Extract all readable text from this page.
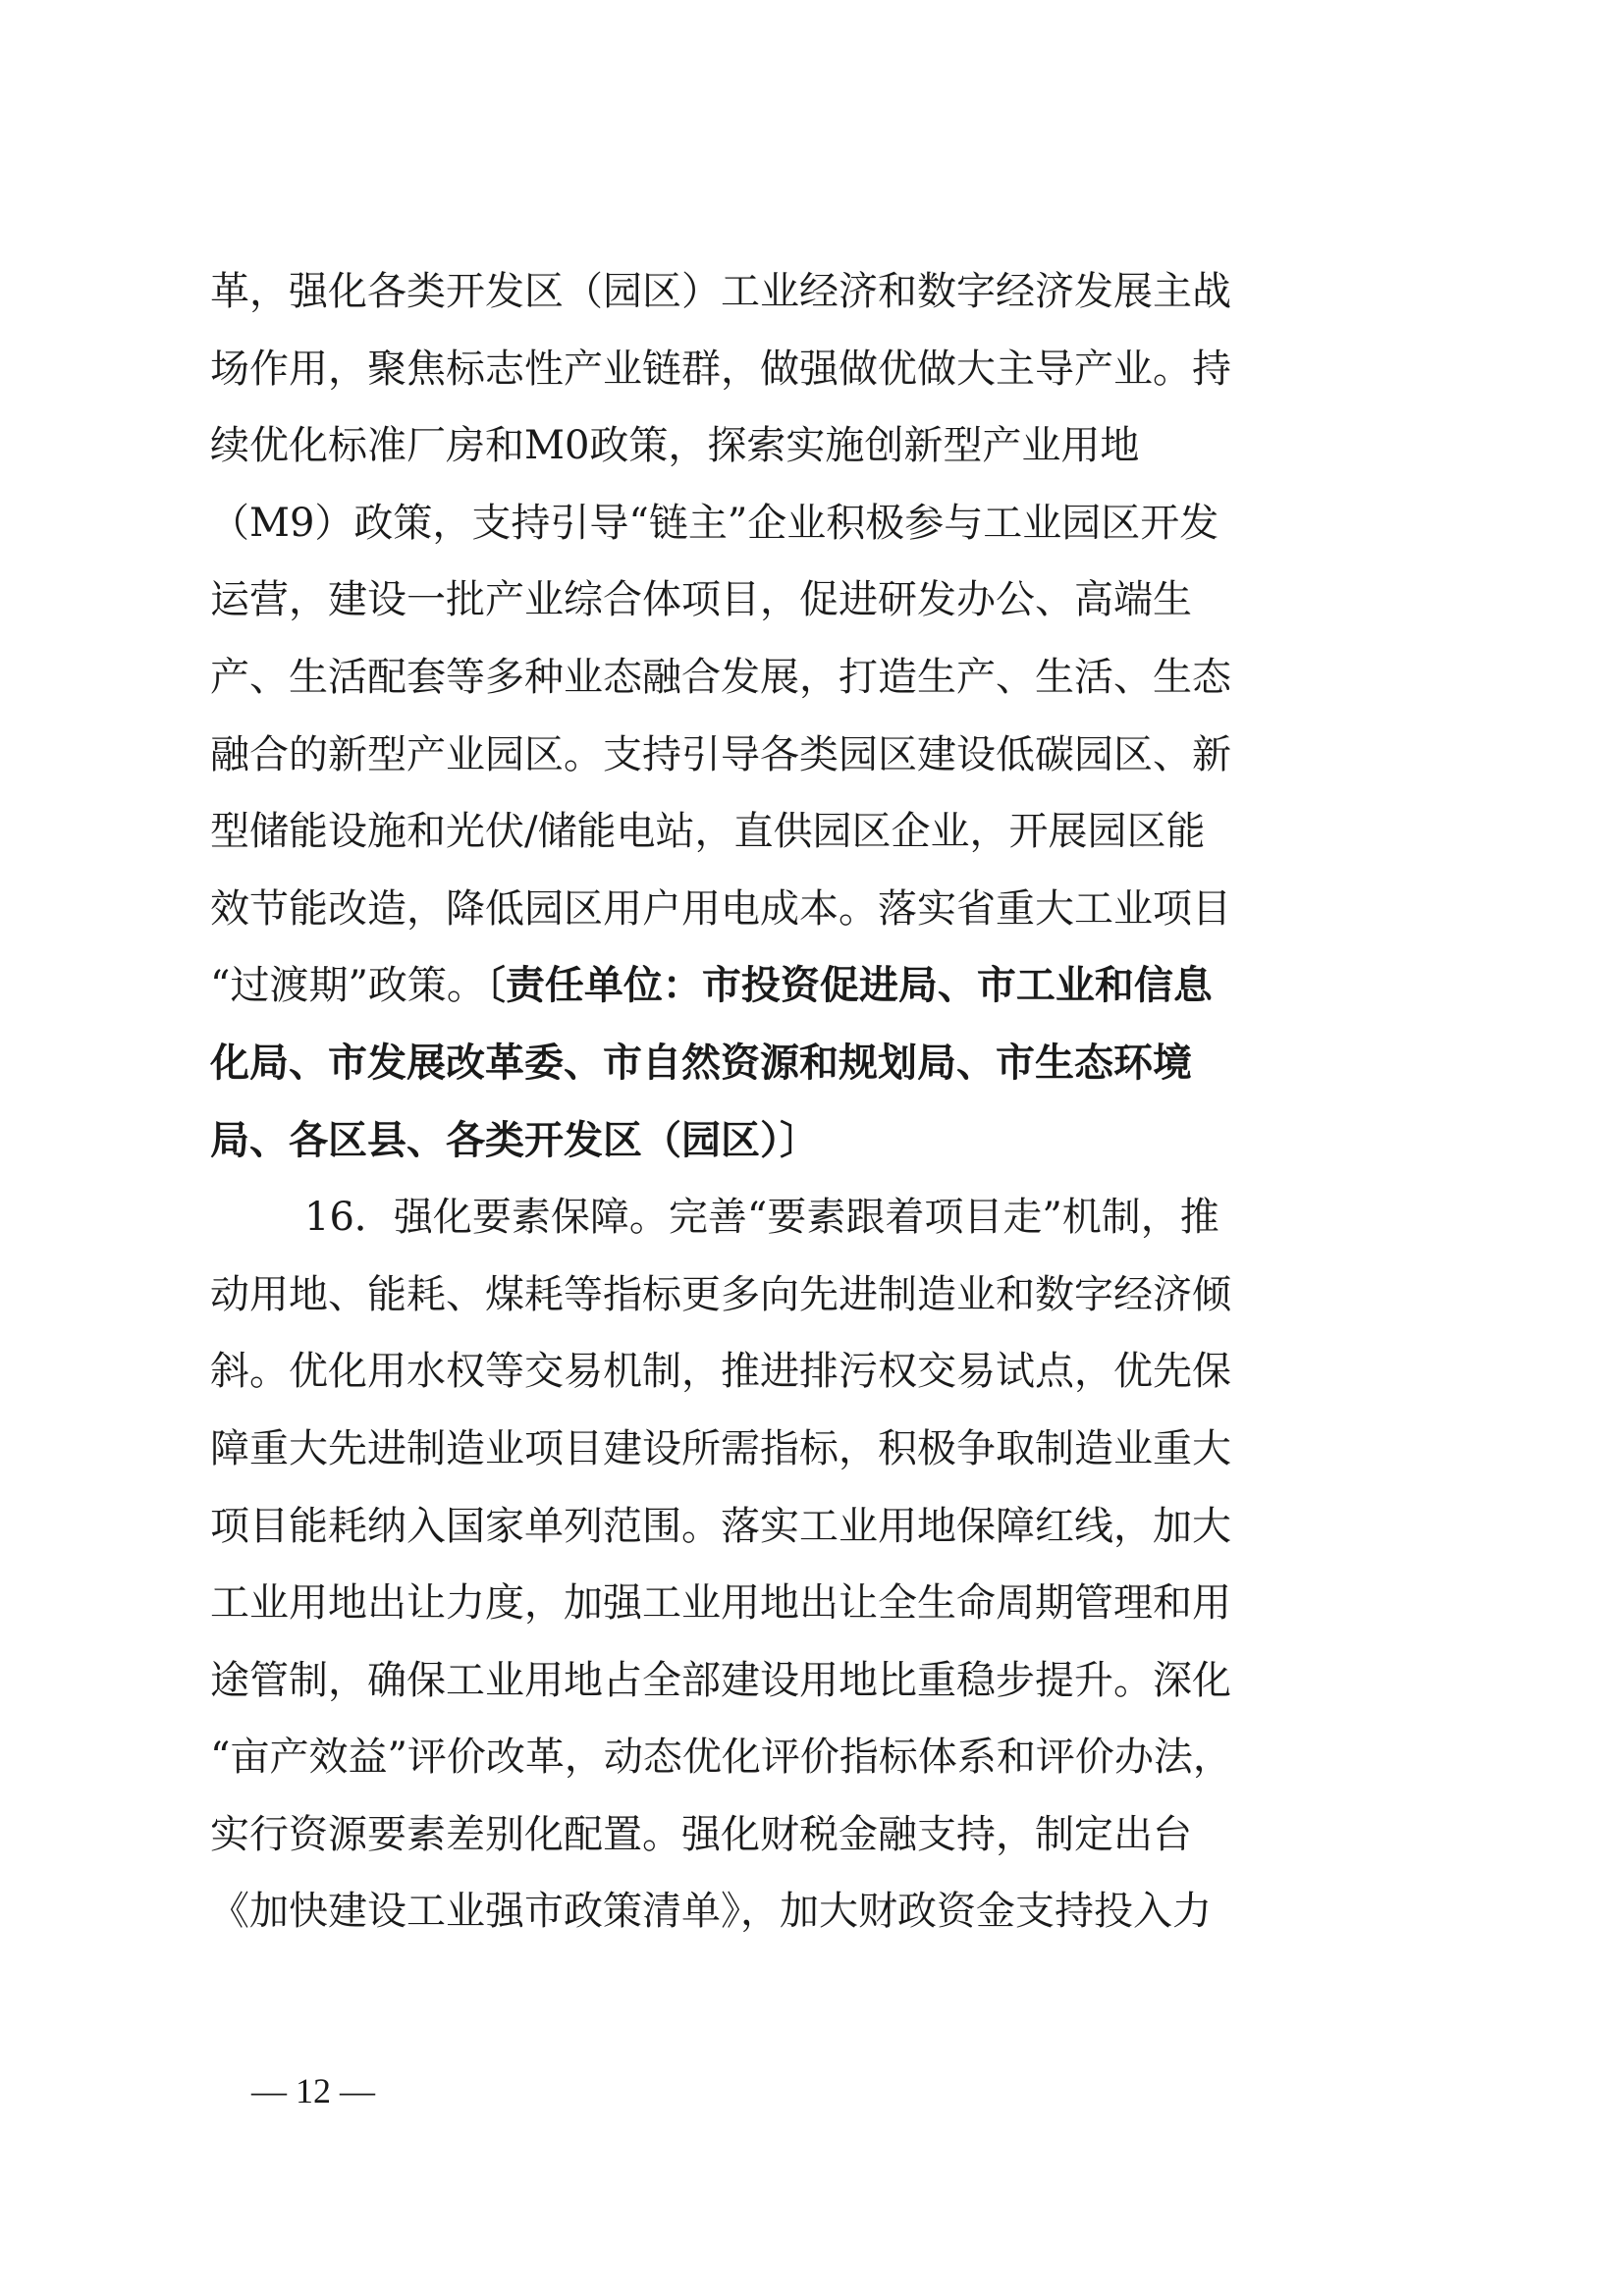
革，强化各类开发区（园区）工业经济和数字经济发展主战
场作用，聚焦标志性产业链群，做强做优做大主导产业。持
续优化标准厂房和M0政策，探索实施创新型产业用地
（M9）政策，支持引导“链主”企业积极参与工业园区开发
运营，建设一批产业综合体项目，促进研发办公、高端生
产、生活配套等多种业态融合发展，打造生产、生活、生态
融合的新型产业园区。支持引导各类园区建设低碳园区、新
型储能设施和光伏/储能电站，直供园区企业，开展园区能
效节能改造，降低园区用户用电成本。落实省重大工业项目
“过渡期”政策。〔责任单位：市投资促进局、市工业和信息
化局、市发展改革委、市自然资源和规划局、市生态环境
局、各区县、各类开发区（园区）〕
16．强化要素保障。完善“要素跟着项目走”机制，推
动用地、能耗、煤耗等指标更多向先进制造业和数字经济倾
斜。优化用水权等交易机制，推进排污权交易试点，优先保
障重大先进制造业项目建设所需指标，积极争取制造业重大
项目能耗纳入国家单列范围。落实工业用地保障红线，加大
工业用地出让力度，加强工业用地出让全生命周期管理和用
途管制，确保工业用地占全部建设用地比重稳步提升。深化
“亩产效益”评价改革，动态优化评价指标体系和评价办法，
实行资源要素差别化配置。强化财税金融支持，制定出台
《加快建设工业强市政策清单》，加大财政资金支持投入力
— 12 —
